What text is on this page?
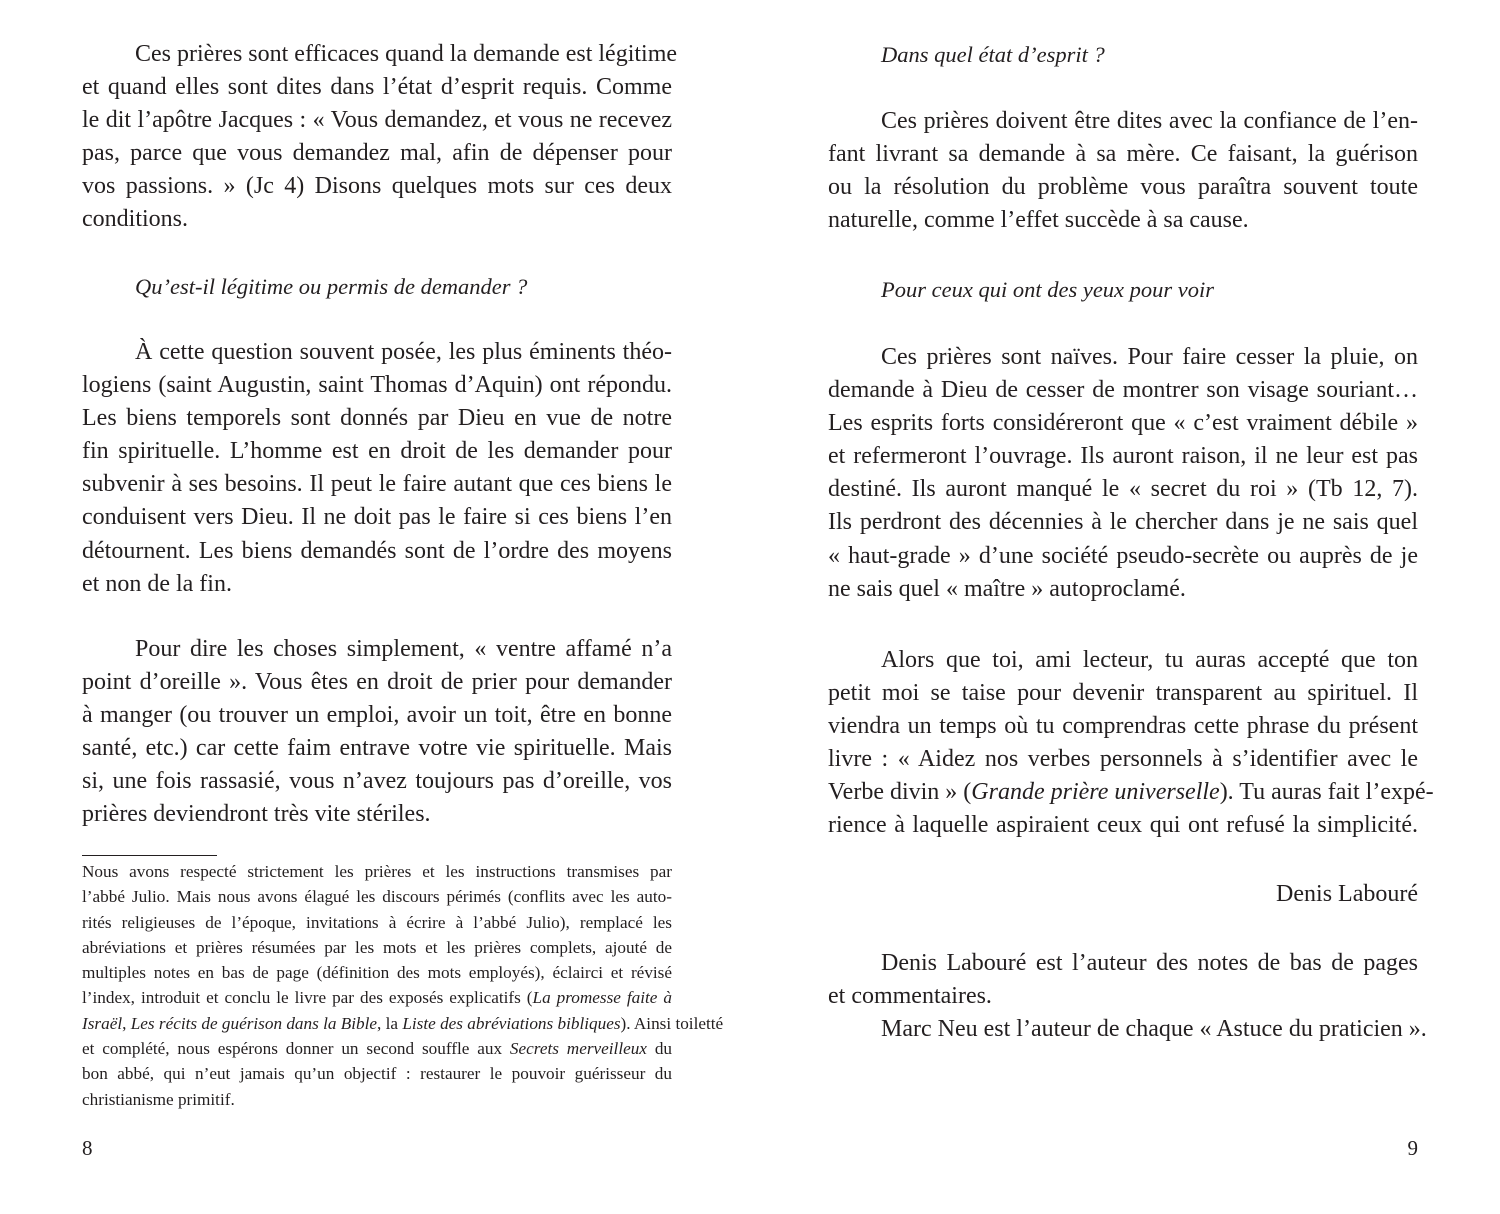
Ces prières sont efficaces quand la demande est légitime
et quand elles sont dites dans l’état d’esprit requis. Comme
le dit l’apôtre Jacques : « Vous demandez, et vous ne recevez
pas, parce que vous demandez mal, afin de dépenser pour
vos passions. » (Jc 4) Disons quelques mots sur ces deux
conditions.
Qu’est-il légitime ou permis de demander ?
À cette question souvent posée, les plus éminents théo-
logiens (saint Augustin, saint Thomas d’Aquin) ont répondu.
Les biens temporels sont donnés par Dieu en vue de notre
fin spirituelle. L’homme est en droit de les demander pour
subvenir à ses besoins. Il peut le faire autant que ces biens le
conduisent vers Dieu. Il ne doit pas le faire si ces biens l’en
détournent. Les biens demandés sont de l’ordre des moyens
et non de la fin.
Pour dire les choses simplement, « ventre affamé n’a
point d’oreille ». Vous êtes en droit de prier pour demander
à manger (ou trouver un emploi, avoir un toit, être en bonne
santé, etc.) car cette faim entrave votre vie spirituelle. Mais
si, une fois rassasié, vous n’avez toujours pas d’oreille, vos
prières deviendront très vite stériles.
Nous avons respecté strictement les prières et les instructions transmises par
l’abbé Julio. Mais nous avons élagué les discours périmés (conflits avec les auto-
rités religieuses de l’époque, invitations à écrire à l’abbé Julio), remplacé les
abréviations et prières résumées par les mots et les prières complets, ajouté de
multiples notes en bas de page (définition des mots employés), éclairci et révisé
l’index, introduit et conclu le livre par des exposés explicatifs (La promesse faite à
Israël, Les récits de guérison dans la Bible, la Liste des abréviations bibliques). Ainsi toiletté
et complété, nous espérons donner un second souffle aux Secrets merveilleux du
bon abbé, qui n’eut jamais qu’un objectif : restaurer le pouvoir guérisseur du
christianisme primitif.
8
Dans quel état d’esprit ?
Ces prières doivent être dites avec la confiance de l’en-
fant livrant sa demande à sa mère. Ce faisant, la guérison
ou la résolution du problème vous paraîtra souvent toute
naturelle, comme l’effet succède à sa cause.
Pour ceux qui ont des yeux pour voir
Ces prières sont naïves. Pour faire cesser la pluie, on
demande à Dieu de cesser de montrer son visage souriant…
Les esprits forts considéreront que « c’est vraiment débile »
et refermeront l’ouvrage. Ils auront raison, il ne leur est pas
destiné. Ils auront manqué le « secret du roi » (Tb 12, 7).
Ils perdront des décennies à le chercher dans je ne sais quel
« haut-grade » d’une société pseudo-secrète ou auprès de je
ne sais quel « maître » autoproclamé.
Alors que toi, ami lecteur, tu auras accepté que ton
petit moi se taise pour devenir transparent au spirituel. Il
viendra un temps où tu comprendras cette phrase du présent
livre : « Aidez nos verbes personnels à s’identifier avec le
Verbe divin » (Grande prière universelle). Tu auras fait l’expé-
rience à laquelle aspiraient ceux qui ont refusé la simplicité.
Denis Labouré
Denis Labouré est l’auteur des notes de bas de pages
et commentaires.
Marc Neu est l’auteur de chaque « Astuce du praticien ».
9
